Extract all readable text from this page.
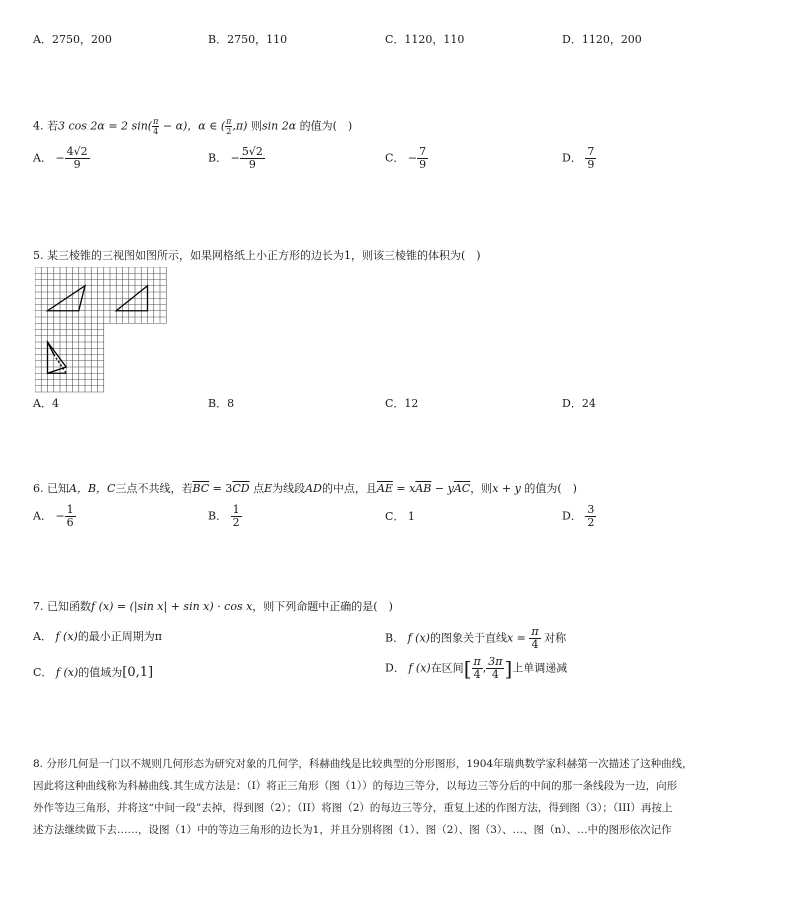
A．2750，200	B．2750，110	C．1120，110	D．1120，200
4. 若3 cos 2α = 2 $\sin( \frac{\pi}{4} - \alpha)$，α ∈ ( $\frac{\pi}{2} ,\pi$) 则sin 2α 的值为(　)
A． − $\frac{4√2}{9}$	B． − $\frac{5√2}{9}$	C． − $\frac{7}{9}$	D． $\frac{7}{9}$
5. 某三棱锥的三视图如图所示，如果网格纸上小正方形的边长为1，则该三棱锥的体积为(　)
A．4	B．8	C．12	D．24
6. 已知A，B，C三点不共线，若$\overline{BC} = 3\overline{CD}$ 点E为线段AD的中点，且$\overline{AE} = x\overline{AB} - y\overline{AC}$，则x + y 的值为(　)
A． − $\frac{1}{6}$	B． $\frac{1}{2}$	C． 1	D． $\frac{3}{2}$
7. 已知函数f (x) = (|sin x| + sin x) · cos x，则下列命题中正确的是(　)
A． f (x)的最小正周期为π	B． f (x)的图象关于直线$x = \frac{\pi}{4}$ 对称
C． f (x)的值域为[0,1]	D． f (x)在区间[ $\frac{\pi}{4}$ , $\frac{3\pi}{4}$ ]上单调递减
8. 分形几何是一门以不规则几何形态为研究对象的几何学，科赫曲线是比较典型的分形图形，1904年瑞典数学家科赫第一次描述了这种曲线，
因此将这种曲线称为科赫曲线.其生成方法是：（I）将正三角形（图（1））的每边三等分，以每边三等分后的中间的那一条线段为一边，向形
外作等边三角形，并将这“中间一段”去掉，得到图（2）；（II）将图（2）的每边三等分，重复上述的作图方法，得到图（3）；（III）再按上
述方法继续做下去……，设图（1）中的等边三角形的边长为1，并且分别将图（1）、图（2）、图（3）、…、图（n）、…中的图形依次记作
